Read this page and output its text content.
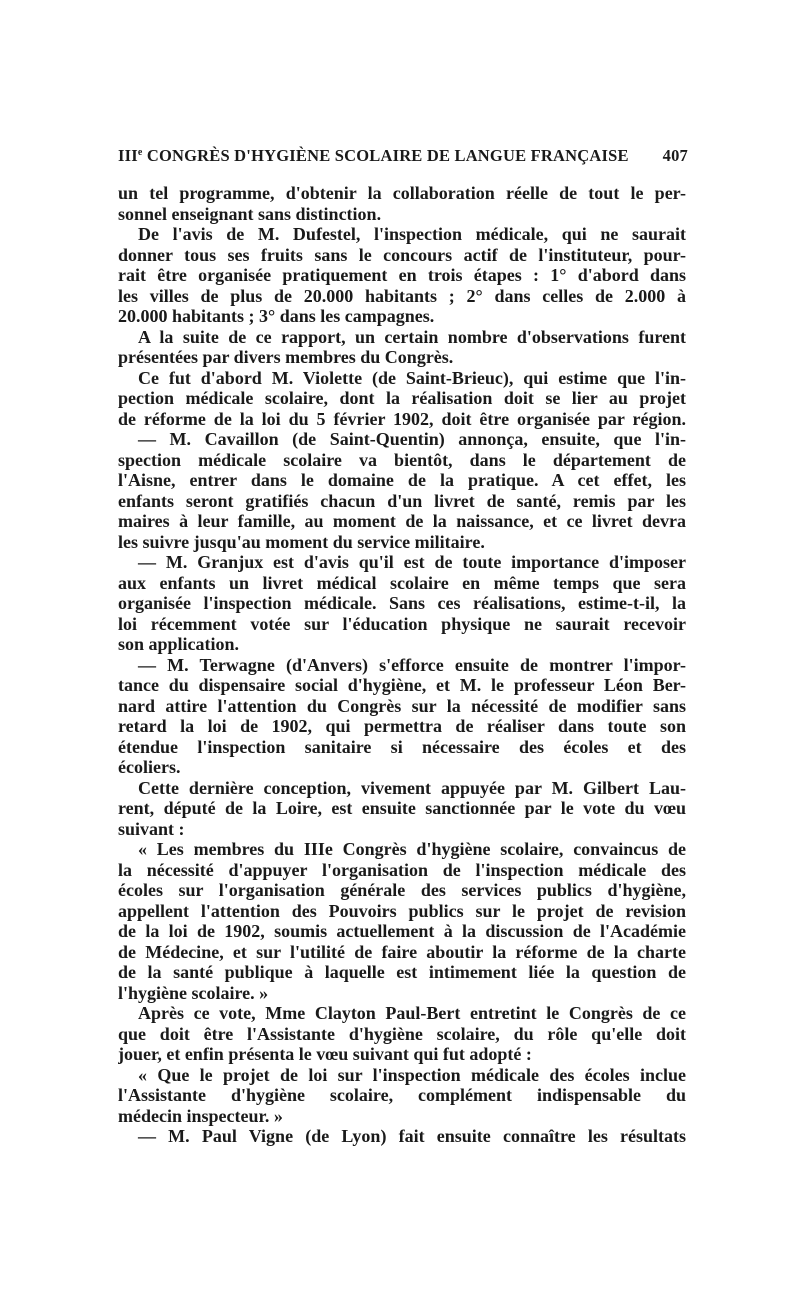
IIIe CONGRÈS D'HYGIÈNE SCOLAIRE DE LANGUE FRANÇAISE 407
un tel programme, d'obtenir la collaboration réelle de tout le per-
sonnel enseignant sans distinction.
De l'avis de M. Dufestel, l'inspection médicale, qui ne saurait
donner tous ses fruits sans le concours actif de l'instituteur, pour-
rait être organisée pratiquement en trois étapes : 1° d'abord dans
les villes de plus de 20.000 habitants ; 2° dans celles de 2.000 à
20.000 habitants ; 3° dans les campagnes.
A la suite de ce rapport, un certain nombre d'observations furent
présentées par divers membres du Congrès.
Ce fut d'abord M. Violette (de Saint-Brieuc), qui estime que l'in-
pection médicale scolaire, dont la réalisation doit se lier au projet
de réforme de la loi du 5 février 1902, doit être organisée par région.
— M. Cavaillon (de Saint-Quentin) annonça, ensuite, que l'in-
spection médicale scolaire va bientôt, dans le département de
l'Aisne, entrer dans le domaine de la pratique. A cet effet, les
enfants seront gratifiés chacun d'un livret de santé, remis par les
maires à leur famille, au moment de la naissance, et ce livret devra
les suivre jusqu'au moment du service militaire.
— M. Granjux est d'avis qu'il est de toute importance d'imposer
aux enfants un livret médical scolaire en même temps que sera
organisée l'inspection médicale. Sans ces réalisations, estime-t-il, la
loi récemment votée sur l'éducation physique ne saurait recevoir
son application.
— M. Terwagne (d'Anvers) s'efforce ensuite de montrer l'impor-
tance du dispensaire social d'hygiène, et M. le professeur Léon Ber-
nard attire l'attention du Congrès sur la nécessité de modifier sans
retard la loi de 1902, qui permettra de réaliser dans toute son
étendue l'inspection sanitaire si nécessaire des écoles et des
écoliers.
Cette dernière conception, vivement appuyée par M. Gilbert Lau-
rent, député de la Loire, est ensuite sanctionnée par le vote du vœu
suivant :
« Les membres du IIIe Congrès d'hygiène scolaire, convaincus de
la nécessité d'appuyer l'organisation de l'inspection médicale des
écoles sur l'organisation générale des services publics d'hygiène,
appellent l'attention des Pouvoirs publics sur le projet de revision
de la loi de 1902, soumis actuellement à la discussion de l'Académie
de Médecine, et sur l'utilité de faire aboutir la réforme de la charte
de la santé publique à laquelle est intimement liée la question de
l'hygiène scolaire. »
Après ce vote, Mme Clayton Paul-Bert entretint le Congrès de ce
que doit être l'Assistante d'hygiène scolaire, du rôle qu'elle doit
jouer, et enfin présenta le vœu suivant qui fut adopté :
« Que le projet de loi sur l'inspection médicale des écoles inclue
l'Assistante d'hygiène scolaire, complément indispensable du
médecin inspecteur. »
— M. Paul Vigne (de Lyon) fait ensuite connaître les résultats
